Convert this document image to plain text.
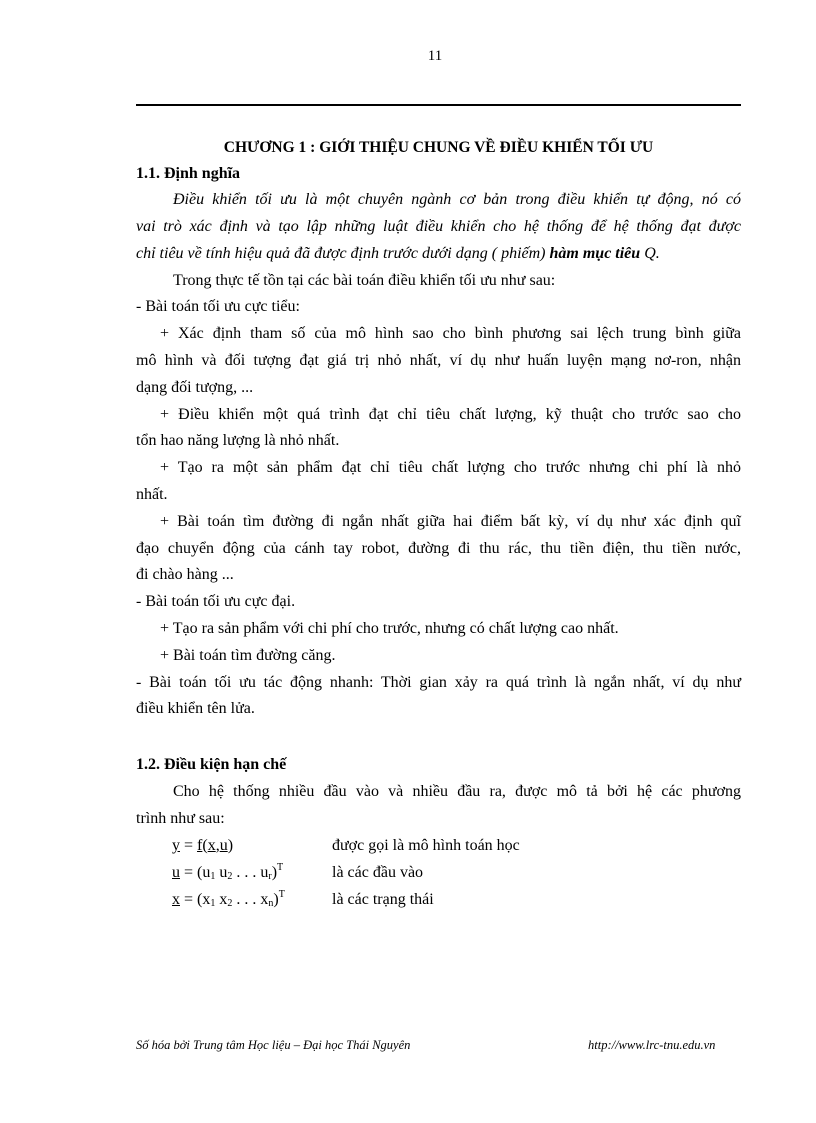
11
CHƯƠNG 1 : GIỚI THIỆU CHUNG VỀ ĐIỀU KHIỂN TỐI ƯU
1.1. Định nghĩa
Điều khiển tối ưu là một chuyên ngành cơ bản trong điều khiển tự động, nó có
vai trò xác định và tạo lập những luật điều khiển cho hệ thống để hệ thống đạt được
chỉ tiêu về tính hiệu quả đã được định trước dưới dạng ( phiếm) hàm mục tiêu Q.
Trong thực tế tồn tại các bài toán điều khiển tối ưu như sau:
- Bài toán tối ưu cực tiểu:
+ Xác định tham số của mô hình sao cho bình phương sai lệch trung bình giữa
mô hình và đối tượng đạt giá trị nhỏ nhất, ví dụ như huấn luyện mạng nơ-ron, nhận
dạng đối tượng, ...
+ Điều khiển một quá trình đạt chỉ tiêu chất lượng, kỹ thuật cho trước sao cho
tổn hao năng lượng là nhỏ nhất.
+ Tạo ra một sản phẩm đạt chỉ tiêu chất lượng cho trước nhưng chi phí là nhỏ
nhất.
+ Bài toán tìm đường đi ngắn nhất giữa hai điểm bất kỳ, ví dụ như xác định quĩ
đạo chuyển động của cánh tay robot, đường đi thu rác, thu tiền điện, thu tiền nước,
đi chào hàng ...
- Bài toán tối ưu cực đại.
+ Tạo ra sản phẩm với chi phí cho trước, nhưng có chất lượng cao nhất.
+ Bài toán tìm đường căng.
- Bài toán tối ưu tác động nhanh: Thời gian xảy ra quá trình là ngắn nhất, ví dụ như
điều khiển tên lửa.
1.2. Điều kiện hạn chế
Cho hệ thống nhiều đầu vào và nhiều đầu ra, được mô tả bởi hệ các phương
trình như sau:
y = f(x,u)	được gọi là mô hình toán học
$u = (u_1$ $u_2$ . . . $u_r)^T$	là các đầu vào
$x = (x_1$ $x_2$ . . . $x_n)^T$	là các trạng thái
Số hóa bởi Trung tâm Học liệu – Đại học Thái Nguyên	http://www.lrc-tnu.edu.vn
